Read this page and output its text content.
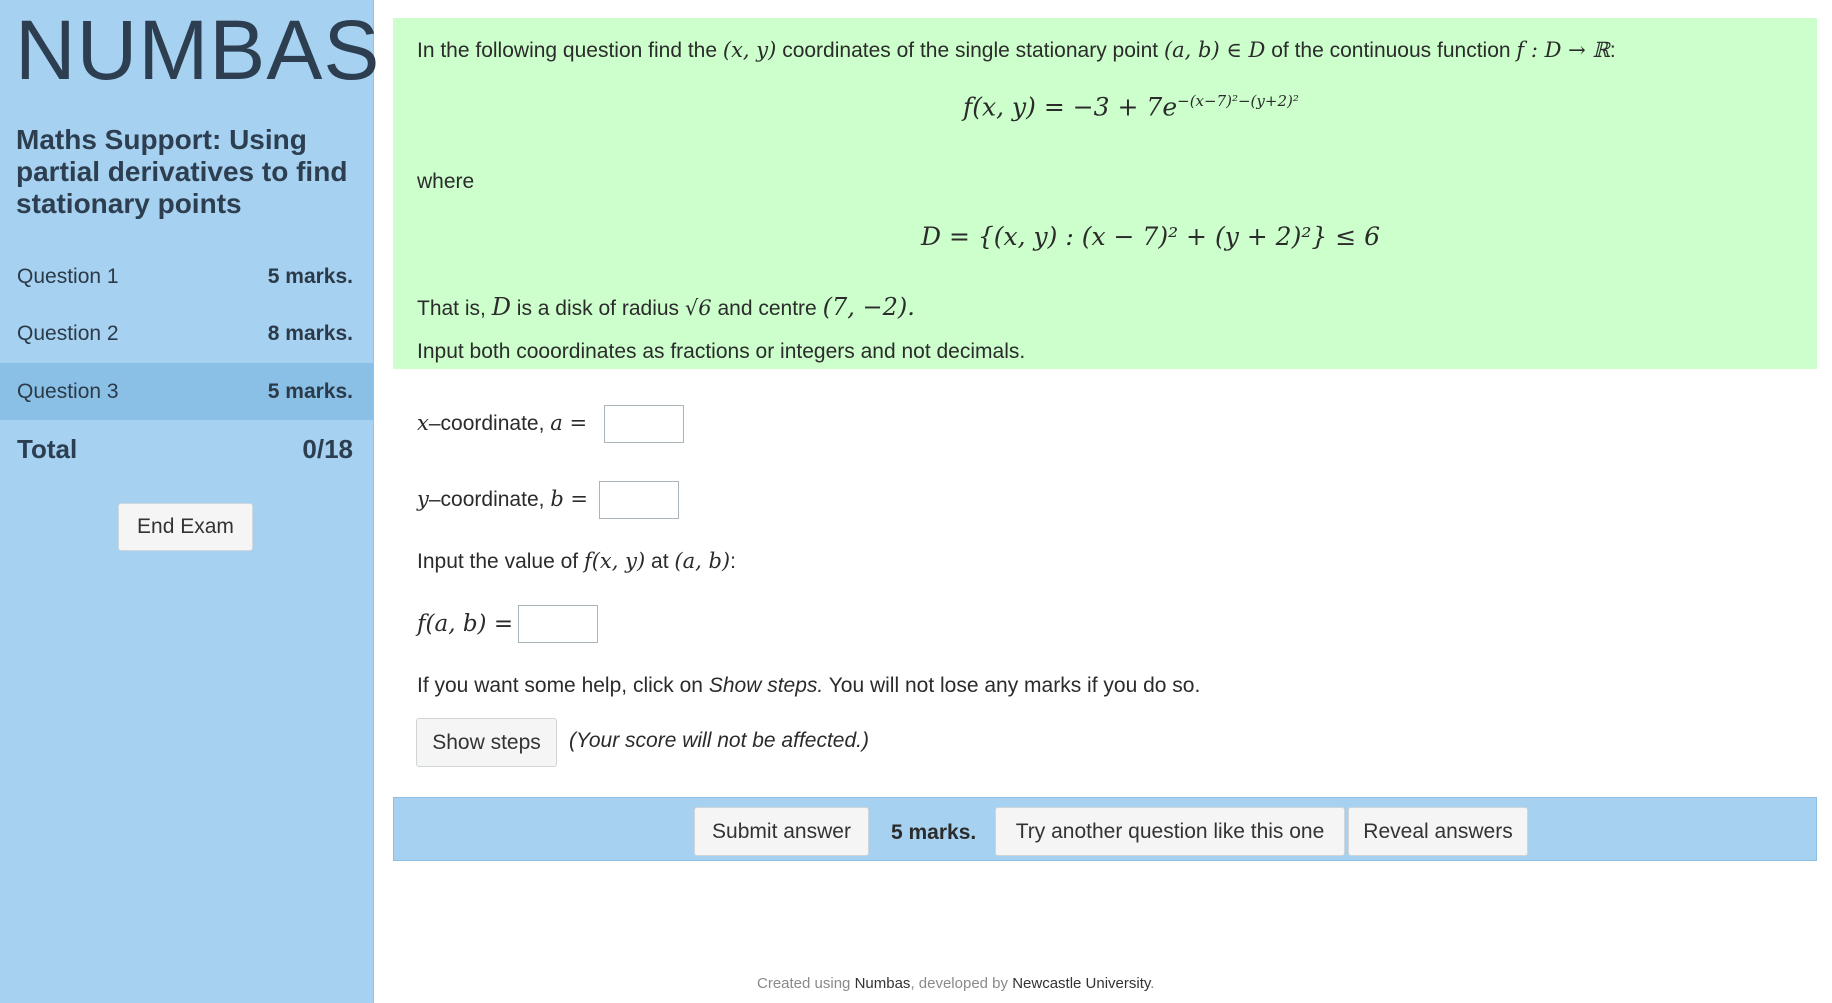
NUMBAS
Maths Support: Using partial derivatives to find stationary points
Question 1	5 marks.
Question 2	8 marks.
Question 3	5 marks.
Total	0/18
End Exam
In the following question find the (x, y) coordinates of the single stationary point (a, b) ∈ D of the continuous function f : D → ℝ:
f(x, $y) = -3 + 7e^{-(x-7)^2-(y+2)^2}$
where
D = {(x, y) : (x − 7)² + (y + 2)²} ≤ 6
That is, D is a disk of radius √6 and centre (7, −2).
Input both cooordinates as fractions or integers and not decimals.
x–coordinate, a =
y–coordinate, b =
Input the value of f(x, y) at (a, b):
f(a, b) =
If you want some help, click on Show steps. You will not lose any marks if you do so.
Show steps	(Your score will not be affected.)
Submit answer	5 marks.	Try another question like this one	Reveal answers
Created using Numbas, developed by Newcastle University.
